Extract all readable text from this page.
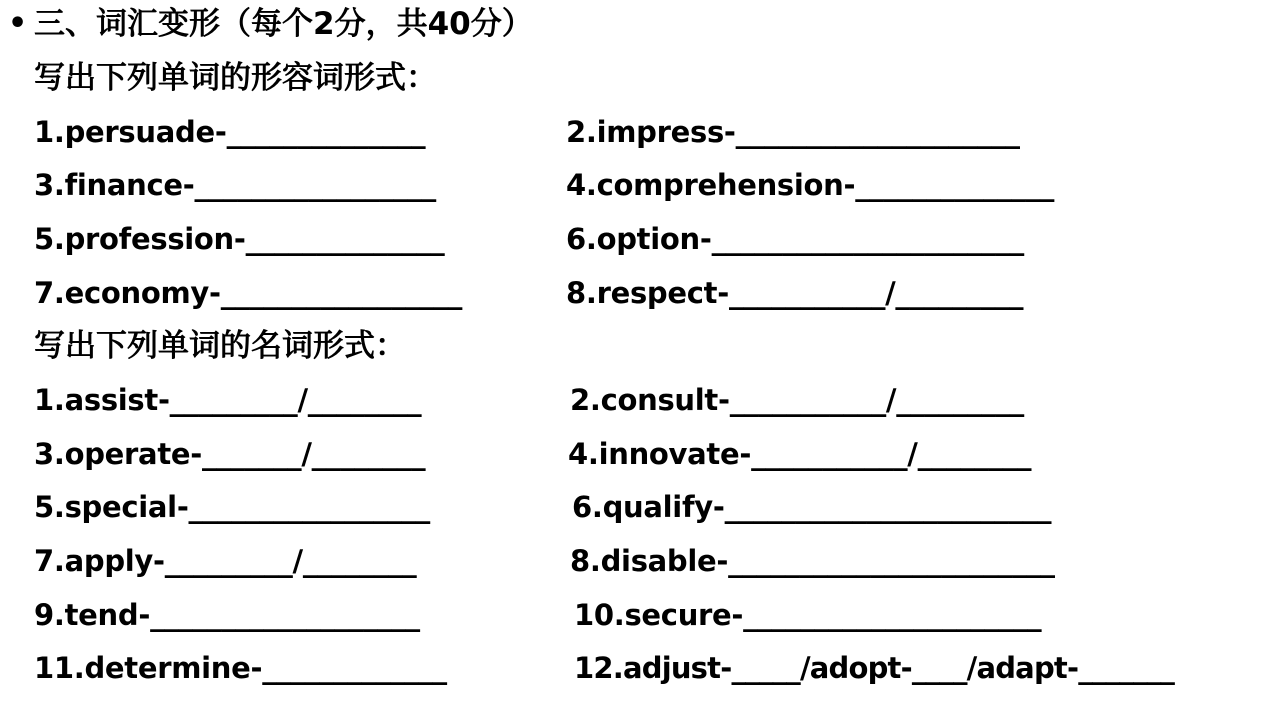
• 三、词汇变形（每个2分，共40分）
写出下列单词的形容词形式：
1.persuade-______________	2.impress-____________________
3.finance-_________________	4.comprehension-______________
5.profession-______________	6.option-______________________
7.economy-_________________	8.respect-___________/_________
写出下列单词的名词形式：
1.assist-_________/________	2.consult-___________/_________
3.operate-_______/________	4.innovate-___________/________
5.special-_________________	6.qualify-_______________________
7.apply-_________/________	8.disable-_______________________
9.tend-___________________	10.secure-_____________________
11.determine-_____________	12.adjust-_____/adopt-____/adapt-_______
